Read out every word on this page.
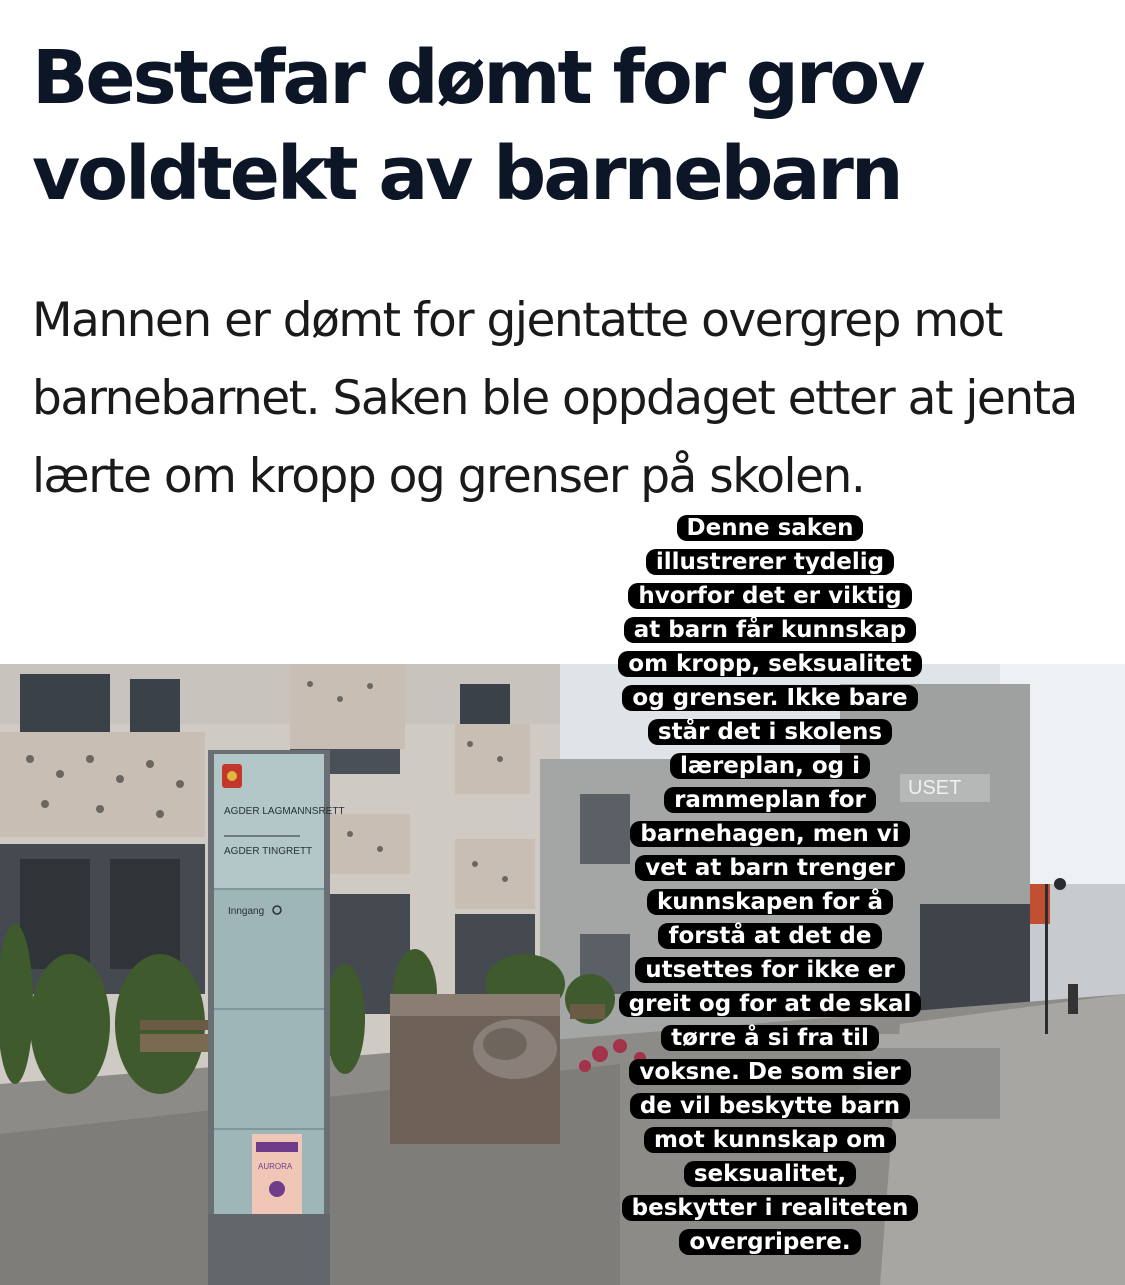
Bestefar dømt for grov voldtekt av barnebarn

Mannen er dømt for gjentatte overgrep mot barnebarnet. Saken ble oppdaget etter at jenta lærte om kropp og grenser på skolen.

USET
AGDER LAGMANNSRETT
AGDER TINGRETT
Inngang
AURORA
Denne saken
illustrerer tydelig
hvorfor det er viktig
at barn får kunnskap
om kropp, seksualitet
og grenser. Ikke bare
står det i skolens
læreplan, og i
rammeplan for
barnehagen, men vi
vet at barn trenger
kunnskapen for å
forstå at det de
utsettes for ikke er
greit og for at de skal
tørre å si fra til
voksne. De som sier
de vil beskytte barn
mot kunnskap om
seksualitet,
beskytter i realiteten
overgripere.
